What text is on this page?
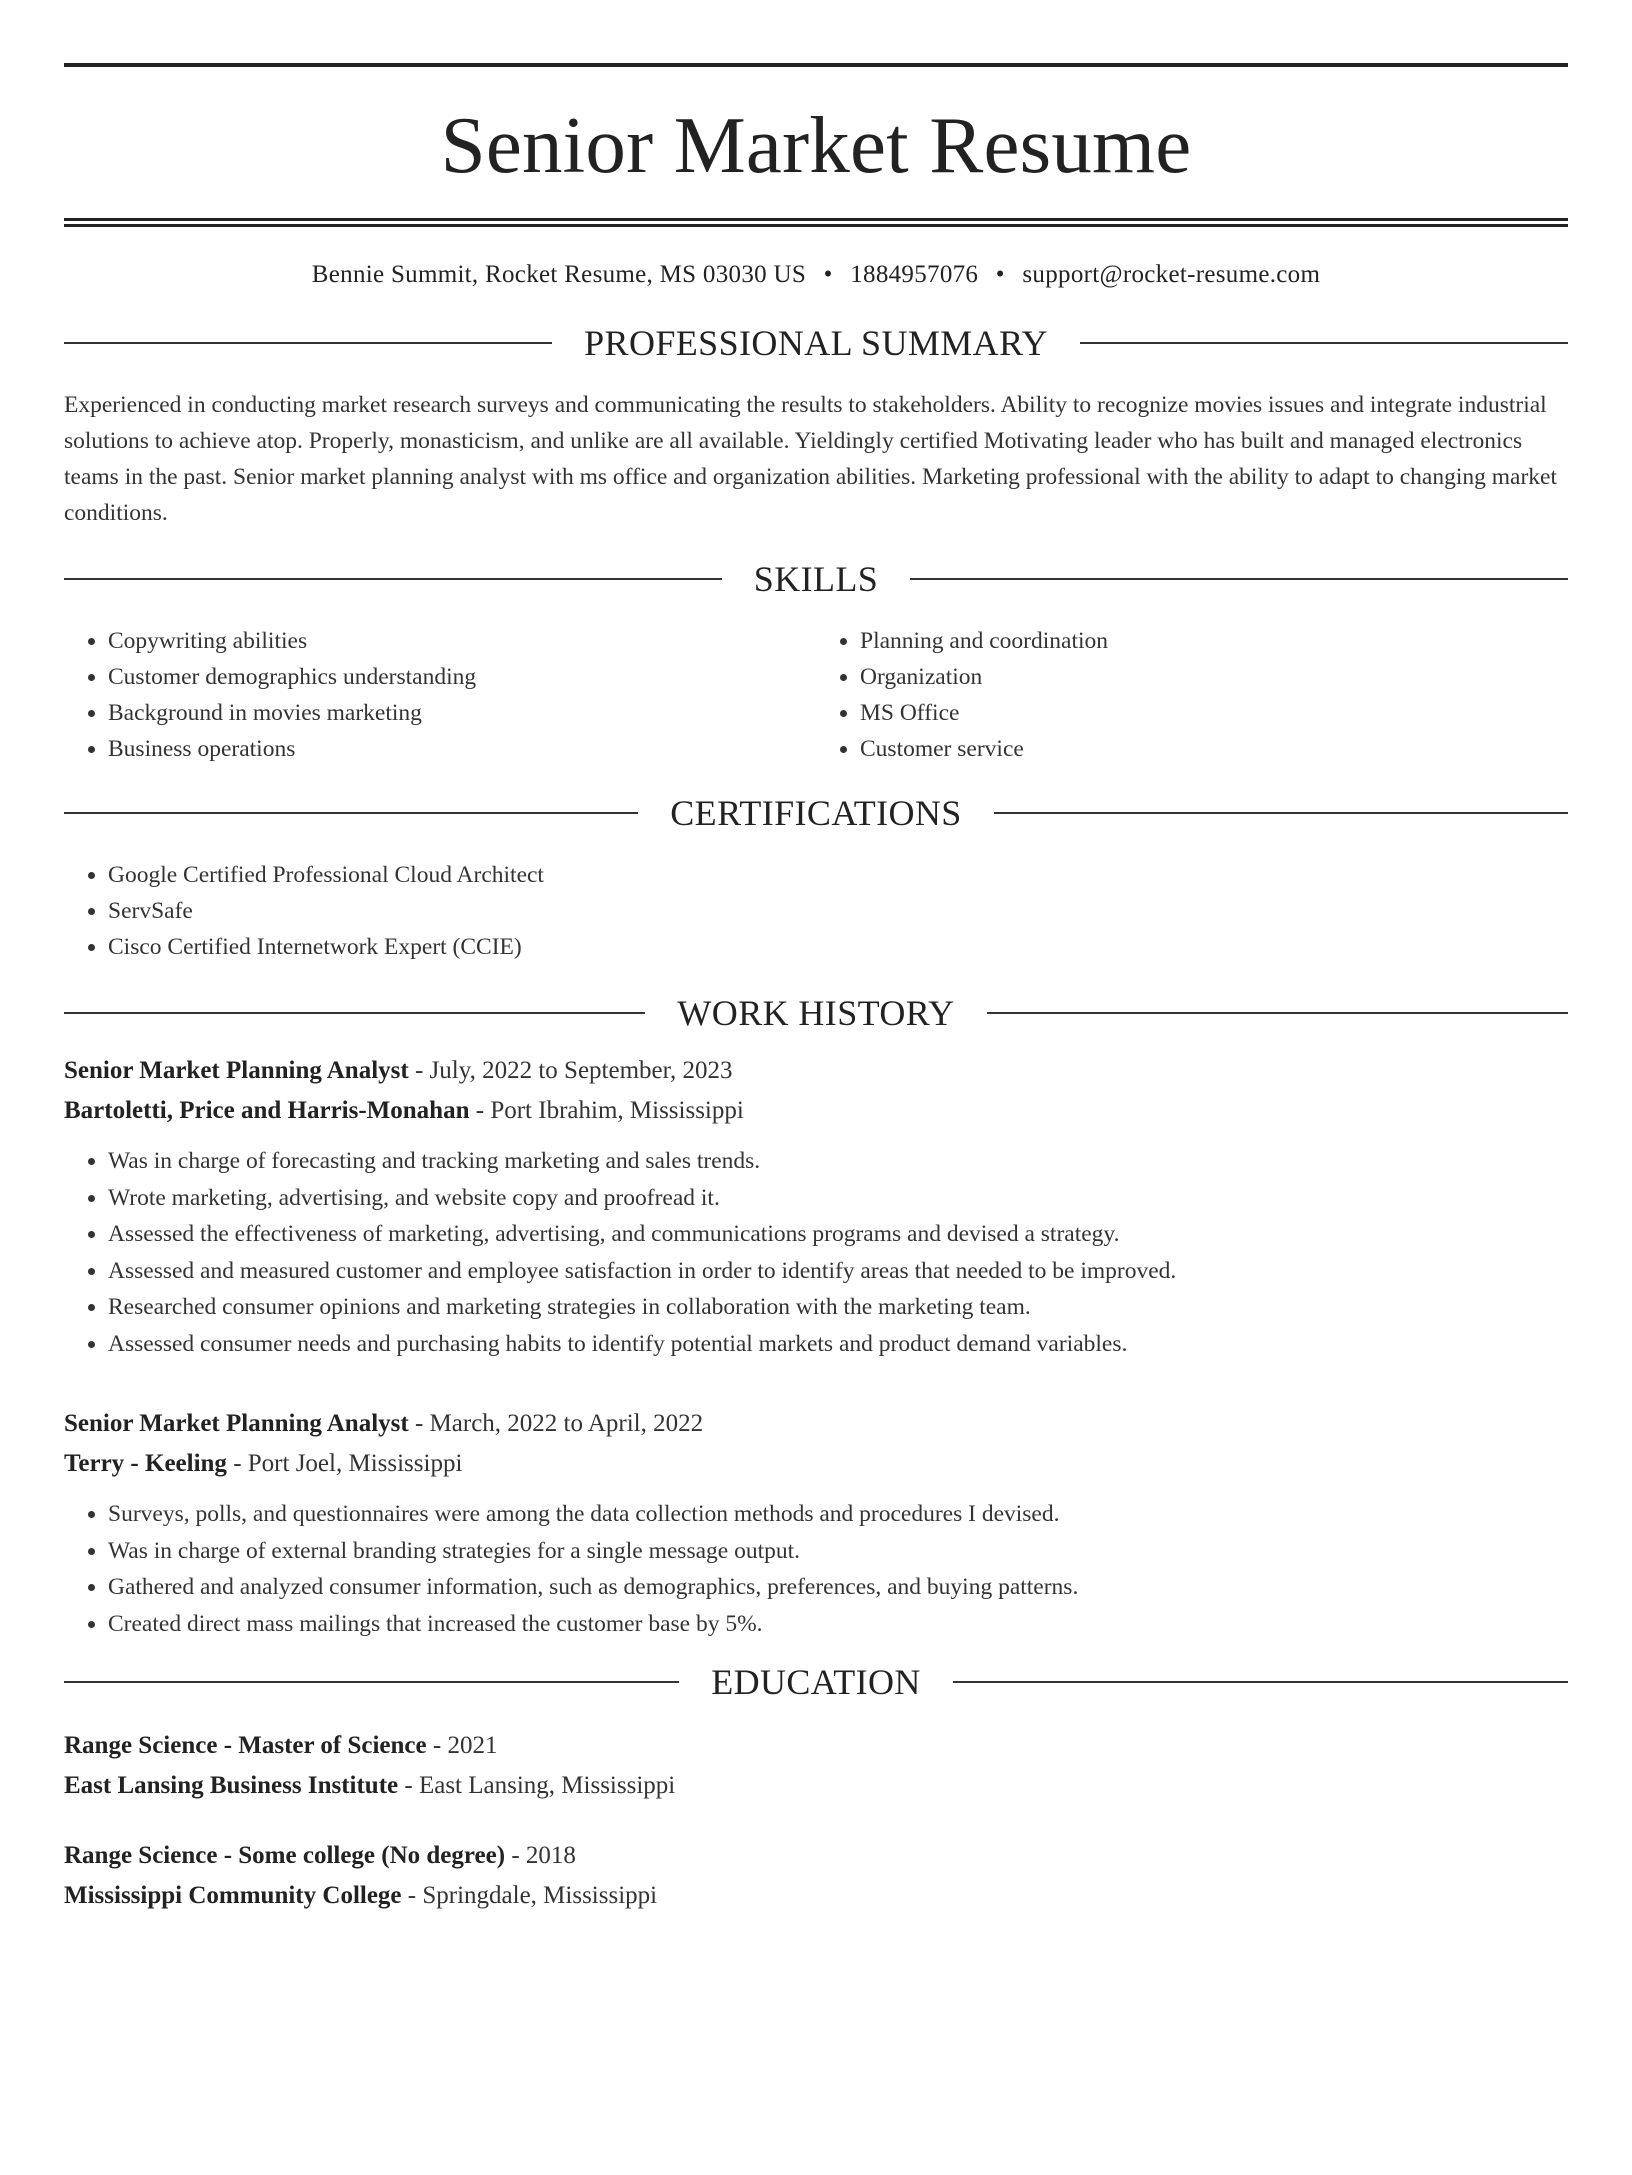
Senior Market Resume
Bennie Summit, Rocket Resume, MS 03030 US • 1884957076 • support@rocket-resume.com
PROFESSIONAL SUMMARY

Experienced in conducting market research surveys and communicating the results to stakeholders. Ability to recognize movies issues and integrate industrial solutions to achieve atop. Properly, monasticism, and unlike are all available. Yieldingly certified Motivating leader who has built and managed electronics teams in the past. Senior market planning analyst with ms office and organization abilities. Marketing professional with the ability to adapt to changing market conditions.

SKILLS
• Copywriting abilities
• Customer demographics understanding
• Background in movies marketing
• Business operations
• Planning and coordination
• Organization
• MS Office
• Customer service
CERTIFICATIONS
• Google Certified Professional Cloud Architect
• ServSafe
• Cisco Certified Internetwork Expert (CCIE)
WORK HISTORY
Senior Market Planning Analyst - July, 2022 to September, 2023
Bartoletti, Price and Harris-Monahan - Port Ibrahim, Mississippi
• Was in charge of forecasting and tracking marketing and sales trends.
• Wrote marketing, advertising, and website copy and proofread it.
• Assessed the effectiveness of marketing, advertising, and communications programs and devised a strategy.
• Assessed and measured customer and employee satisfaction in order to identify areas that needed to be improved.
• Researched consumer opinions and marketing strategies in collaboration with the marketing team.
• Assessed consumer needs and purchasing habits to identify potential markets and product demand variables.
Senior Market Planning Analyst - March, 2022 to April, 2022
Terry - Keeling - Port Joel, Mississippi
• Surveys, polls, and questionnaires were among the data collection methods and procedures I devised.
• Was in charge of external branding strategies for a single message output.
• Gathered and analyzed consumer information, such as demographics, preferences, and buying patterns.
• Created direct mass mailings that increased the customer base by 5%.
EDUCATION
Range Science - Master of Science - 2021
East Lansing Business Institute - East Lansing, Mississippi
Range Science - Some college (No degree) - 2018
Mississippi Community College - Springdale, Mississippi
